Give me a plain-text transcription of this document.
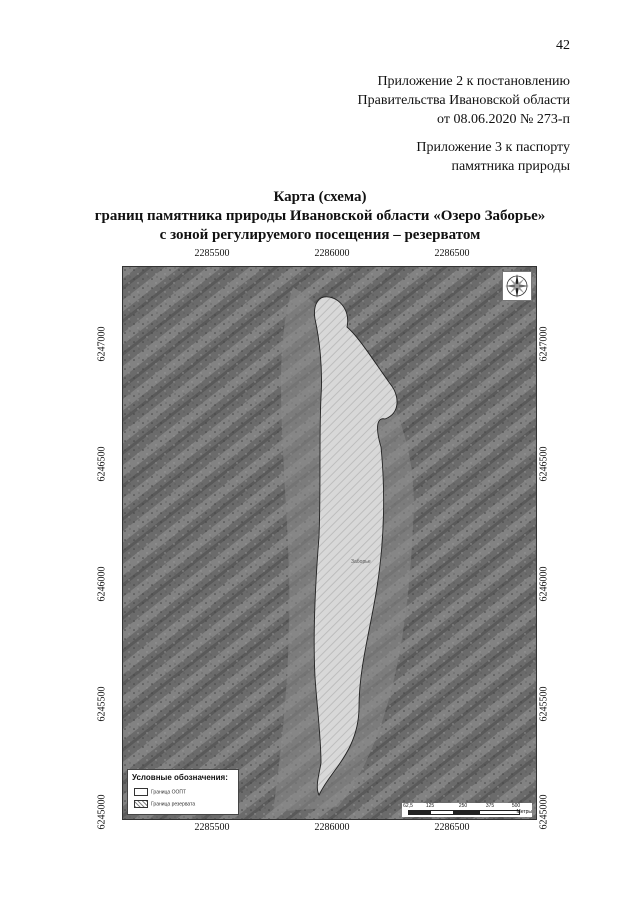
42
Приложение 2 к постановлению
Правительства Ивановской области
от 08.06.2020 № 273-п
Приложение 3 к паспорту
памятника природы
Карта (схема)
границ памятника природы Ивановской области «Озеро Заборье»
с зоной регулируемого посещения – резерватом
2285500	2286000	2286500
2285500	2286000	2286500
6247000
6246500
6246000
6245500
6245000
6247000
6246500
6246000
6245500
6245000
Заборье
Условные обозначения:
Граница ООПТ
Граница резервата	62,5	125	250	375	500
Метры
